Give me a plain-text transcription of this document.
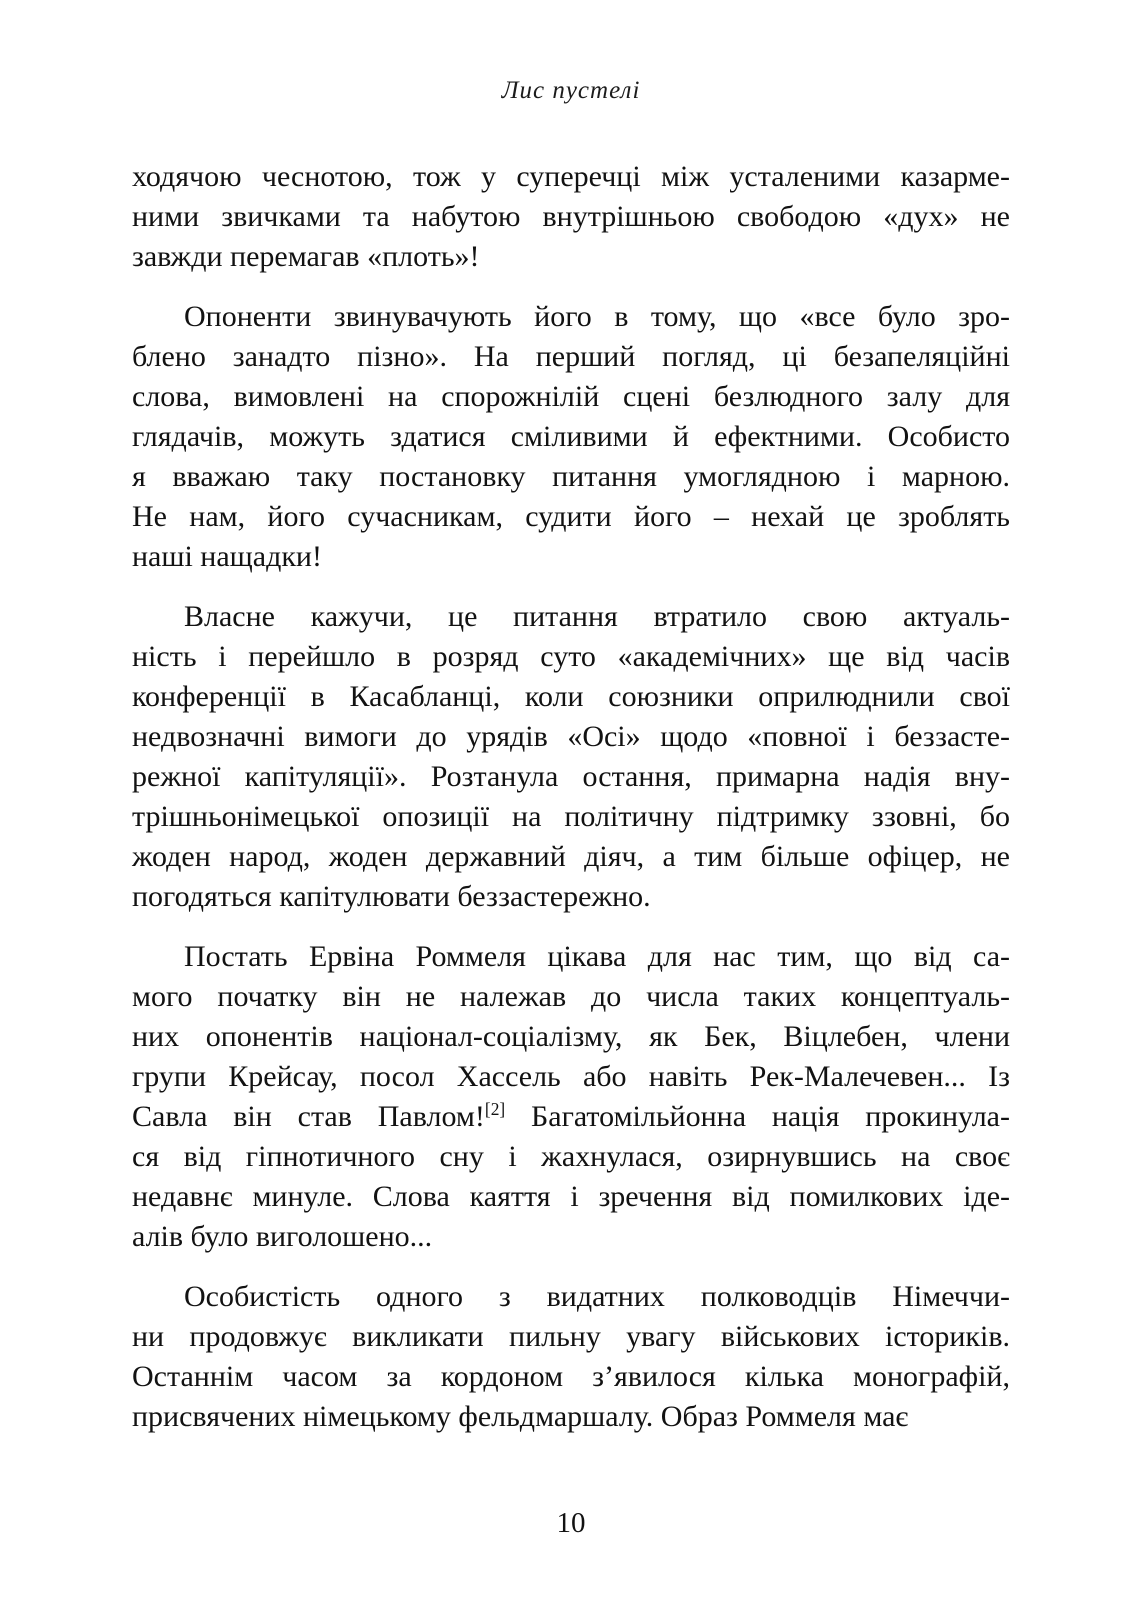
Лис пустелі
ходячою чеснотою, тож у суперечці між усталеними казарме-
ними звичками та набутою внутрішньою свободою «дух» не
завжди перемагав «плоть»!
Опоненти звинувачують його в тому, що «все було зро-
блено занадто пізно». На перший погляд, ці безапеляційні
слова, вимовлені на спорожнілій сцені безлюдного залу для
глядачів, можуть здатися сміливими й ефектними. Особисто
я вважаю таку постановку питання умоглядною і марною.
Не нам, його сучасникам, судити його – нехай це зроблять
наші нащадки!
Власне кажучи, це питання втратило свою актуаль-
ність і перейшло в розряд суто «академічних» ще від часів
конференції в Касабланці, коли союзники оприлюднили свої
недвозначні вимоги до урядів «Осі» щодо «повної і беззасте-
режної капітуляції». Розтанула остання, примарна надія вну-
трішньонімецької опозиції на політичну підтримку ззовні, бо
жоден народ, жоден державний діяч, а тим більше офіцер, не
погодяться капітулювати беззастережно.
Постать Ервіна Роммеля цікава для нас тим, що від са-
мого початку він не належав до числа таких концептуаль-
них опонентів націонал-соціалізму, як Бек, Віцлебен, члени
групи Крейсау, посол Хассель або навіть Рек-Малечевен... Із
Савла він став Павлом![2] Багатомільйонна нація прокинула-
ся від гіпнотичного сну і жахнулася, озирнувшись на своє
недавнє минуле. Слова каяття і зречення від помилкових іде-
алів було виголошено...
Особистість одного з видатних полководців Німеччи-
ни продовжує викликати пильну увагу військових істориків.
Останнім часом за кордоном з’явилося кілька монографій,
присвячених німецькому фельдмаршалу. Образ Роммеля має
10
